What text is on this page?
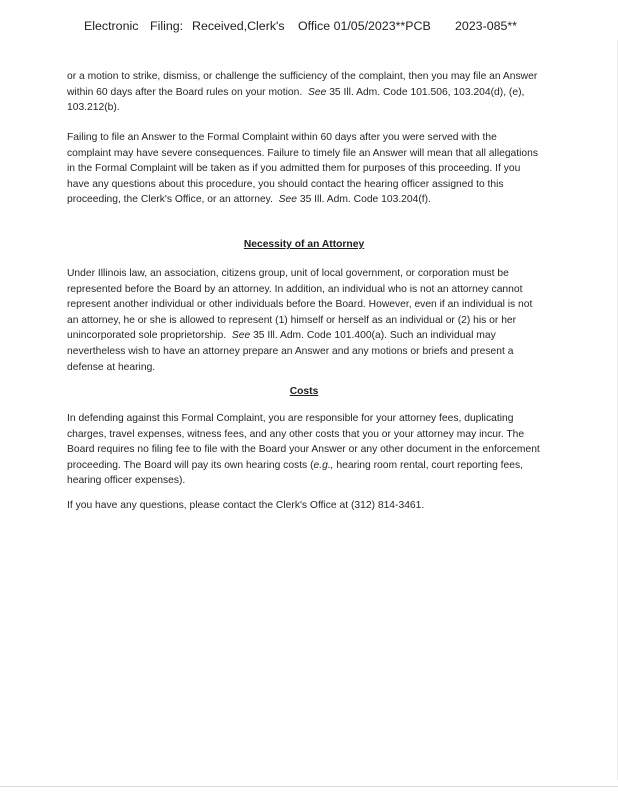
Electronic Filing: Received,Clerk's Office 01/05/2023**PCB 2023-085**

or a motion to strike, dismiss, or challenge the sufficiency of the complaint, then you may file an Answer within 60 days after the Board rules on your motion. See 35 Ill. Adm. Code 101.506, 103.204(d), (e), 103.212(b).

Failing to file an Answer to the Formal Complaint within 60 days after you were served with the complaint may have severe consequences. Failure to timely file an Answer will mean that all allegations in the Formal Complaint will be taken as if you admitted them for purposes of this proceeding. If you have any questions about this procedure, you should contact the hearing officer assigned to this proceeding, the Clerk's Office, or an attorney. See 35 Ill. Adm. Code 103.204(f).

Necessity of an Attorney

Under Illinois law, an association, citizens group, unit of local government, or corporation must be represented before the Board by an attorney. In addition, an individual who is not an attorney cannot represent another individual or other individuals before the Board. However, even if an individual is not an attorney, he or she is allowed to represent (1) himself or herself as an individual or (2) his or her unincorporated sole proprietorship. See 35 Ill. Adm. Code 101.400(a). Such an individual may nevertheless wish to have an attorney prepare an Answer and any motions or briefs and present a defense at hearing.

Costs

In defending against this Formal Complaint, you are responsible for your attorney fees, duplicating charges, travel expenses, witness fees, and any other costs that you or your attorney may incur. The Board requires no filing fee to file with the Board your Answer or any other document in the enforcement proceeding. The Board will pay its own hearing costs (e.g., hearing room rental, court reporting fees, hearing officer expenses).

If you have any questions, please contact the Clerk's Office at (312) 814-3461.
